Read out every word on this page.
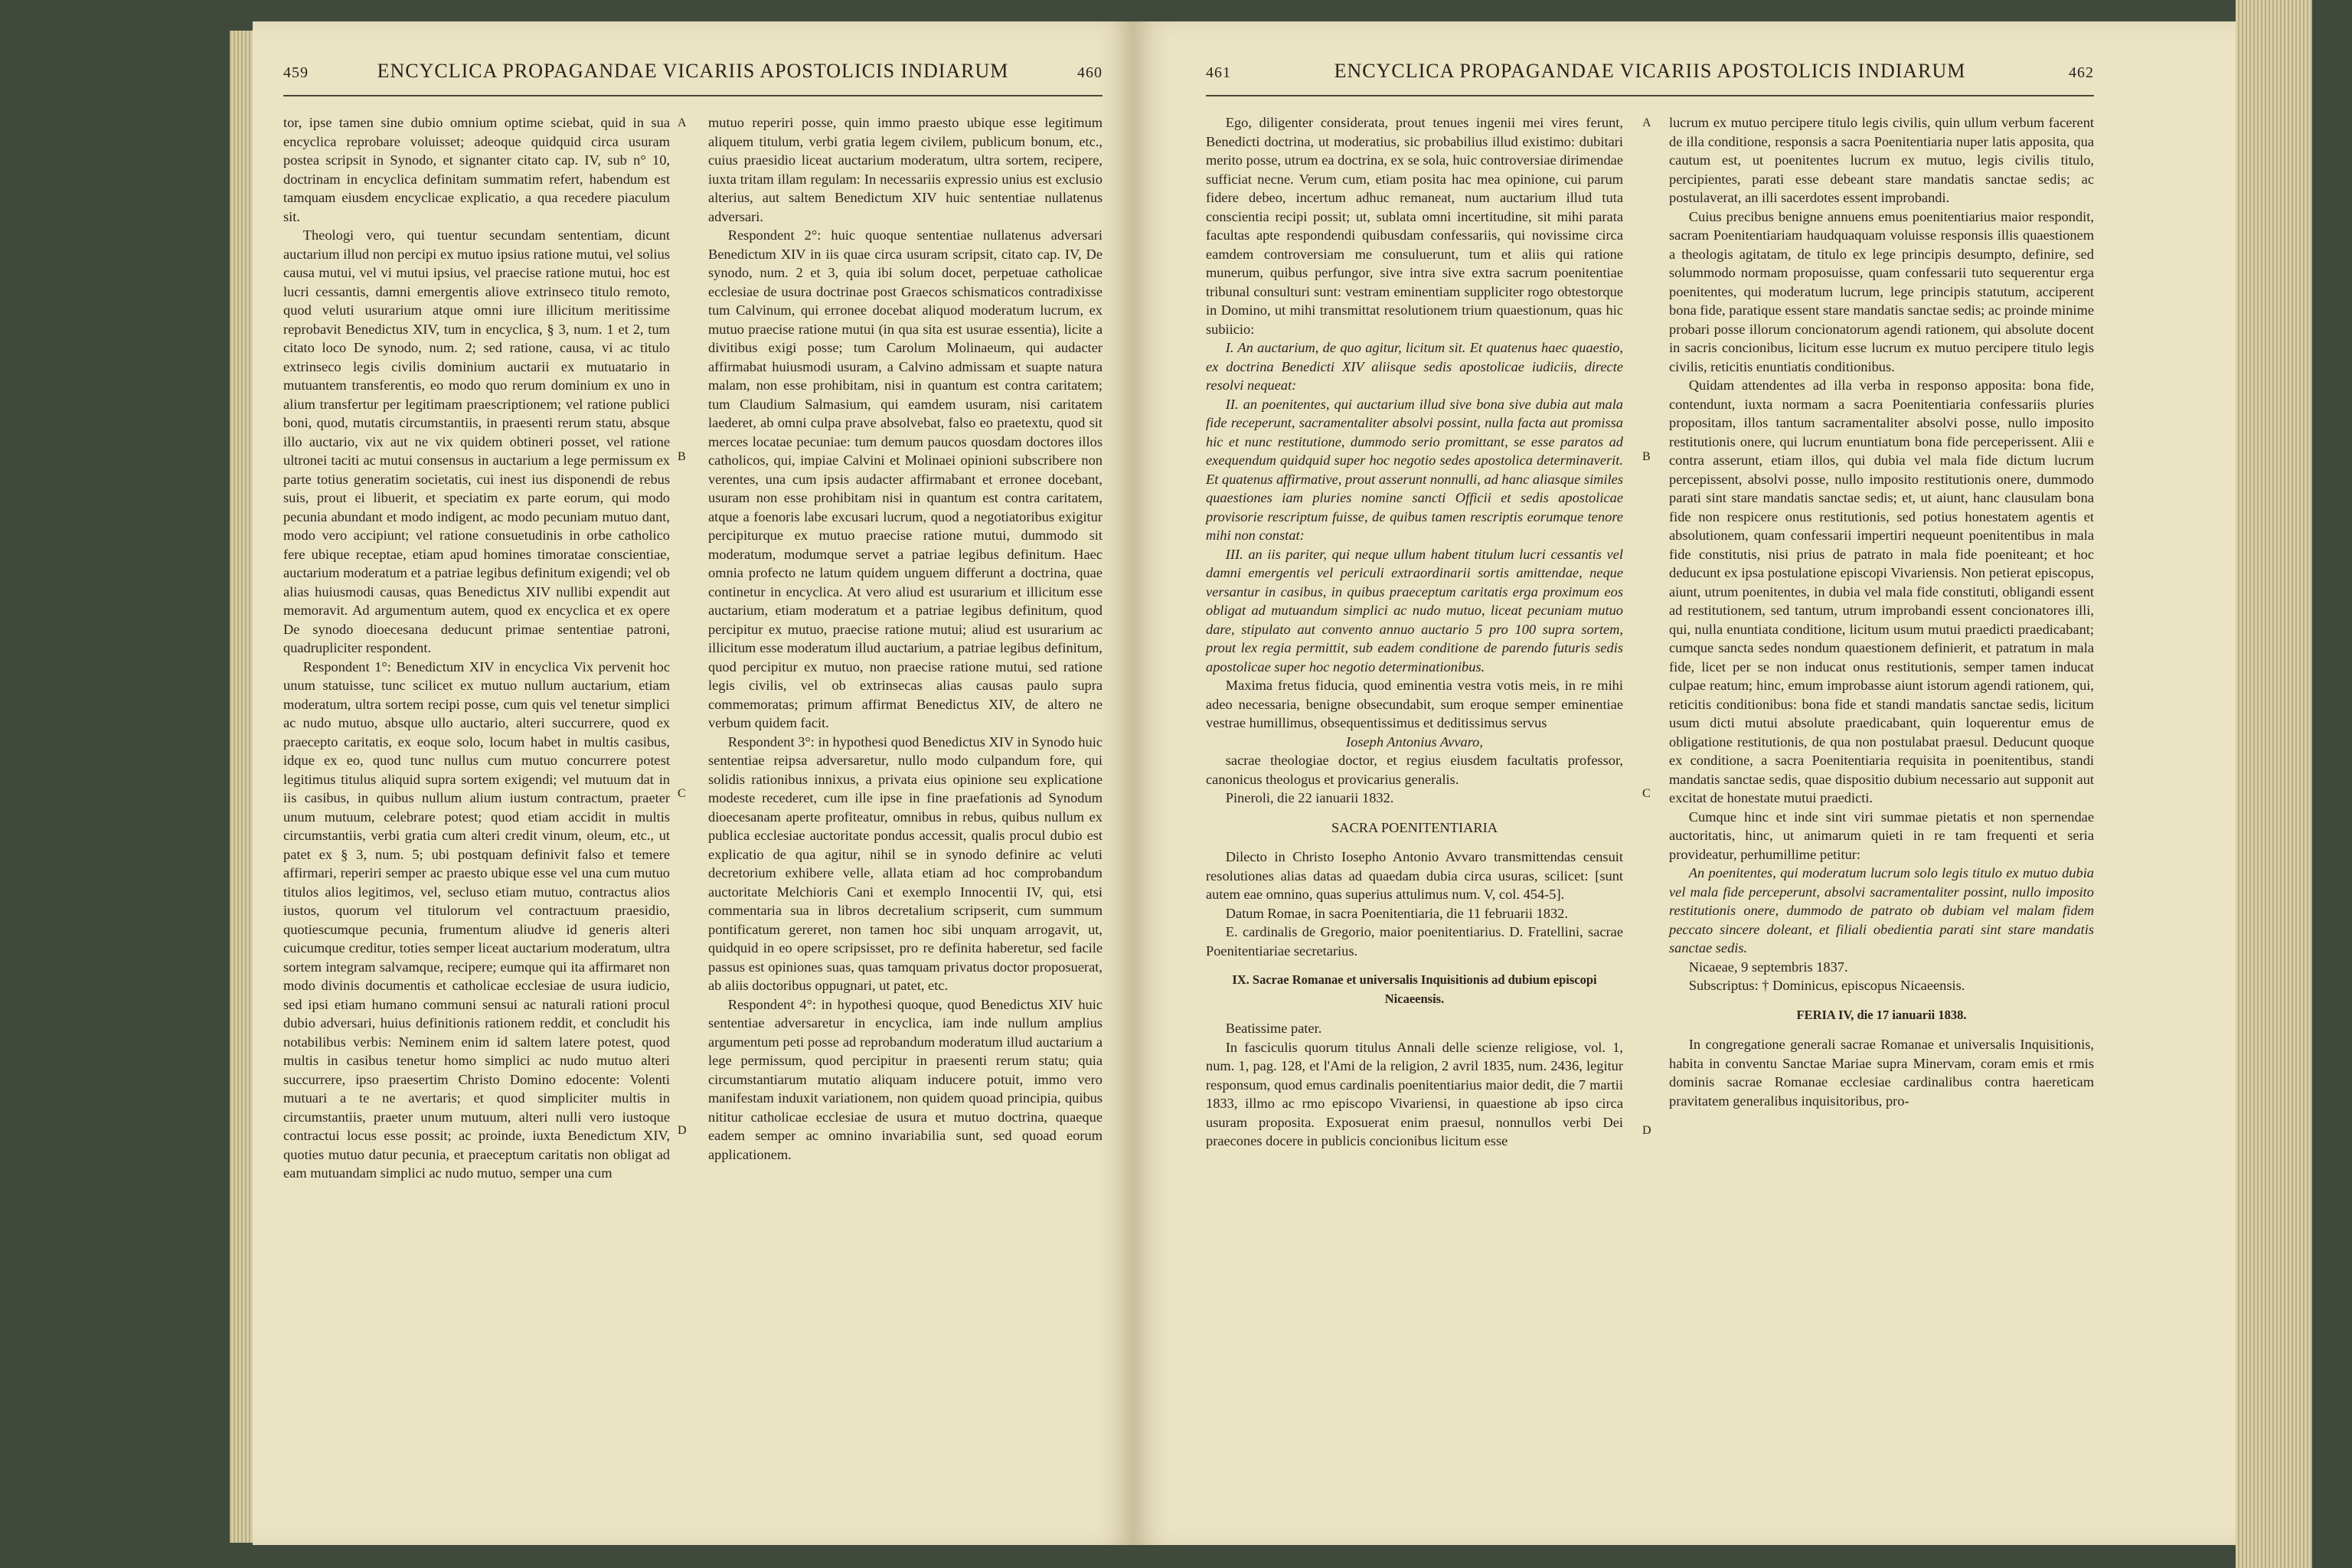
459	ENCYCLICA PROPAGANDAE VICARIIS APOSTOLICIS INDIARUM	460

tor, ipse tamen sine dubio omnium optime sciebat, quid in sua encyclica reprobare voluisset; adeoque quidquid circa usuram postea scripsit in Synodo, et signanter citato cap. IV, sub n° 10, doctrinam in encyclica definitam summatim refert, habendum est tamquam eiusdem encyclicae explicatio, a qua recedere piaculum sit.

Theologi vero, qui tuentur secundam sententiam, dicunt auctarium illud non percipi ex mutuo ipsius ratione mutui, vel solius causa mutui, vel vi mutui ipsius, vel praecise ratione mutui, hoc est lucri cessantis, damni emergentis aliove extrinseco titulo remoto, quod veluti usurarium atque omni iure illicitum meritissime reprobavit Benedictus XIV, tum in encyclica, § 3, num. 1 et 2, tum citato loco De synodo, num. 2; sed ratione, causa, vi ac titulo extrinseco legis civilis dominium auctarii ex mutuatario in mutuantem transferentis, eo modo quo rerum dominium ex uno in alium transfertur per legitimam praescriptionem; vel ratione publici boni, quod, mutatis circumstantiis, in praesenti rerum statu, absque illo auctario, vix aut ne vix quidem obtineri posset, vel ratione ultronei taciti ac mutui consensus in auctarium a lege permissum ex parte totius generatim societatis, cui inest ius disponendi de rebus suis, prout ei libuerit, et speciatim ex parte eorum, qui modo pecunia abundant et modo indigent, ac modo pecuniam mutuo dant, modo vero accipiunt; vel ratione consuetudinis in orbe catholico fere ubique receptae, etiam apud homines timoratae conscientiae, auctarium moderatum et a patriae legibus definitum exigendi; vel ob alias huiusmodi causas, quas Benedictus XIV nullibi expendit aut memoravit. Ad argumentum autem, quod ex encyclica et ex opere De synodo dioecesana deducunt primae sententiae patroni, quadrupliciter respondent.

Respondent 1°: Benedictum XIV in encyclica Vix pervenit hoc unum statuisse, tunc scilicet ex mutuo nullum auctarium, etiam moderatum, ultra sortem recipi posse, cum quis vel tenetur simplici ac nudo mutuo, absque ullo auctario, alteri succurrere, quod ex praecepto caritatis, ex eoque solo, locum habet in multis casibus, idque ex eo, quod tunc nullus cum mutuo concurrere potest legitimus titulus aliquid supra sortem exigendi; vel mutuum dat in iis casibus, in quibus nullum alium iustum contractum, praeter unum mutuum, celebrare potest; quod etiam accidit in multis circumstantiis, verbi gratia cum alteri credit vinum, oleum, etc., ut patet ex § 3, num. 5; ubi postquam definivit falso et temere affirmari, reperiri semper ac praesto ubique esse vel una cum mutuo titulos alios legitimos, vel, secluso etiam mutuo, contractus alios iustos, quorum vel titulorum vel contractuum praesidio, quotiescumque pecunia, frumentum aliudve id generis alteri cuicumque creditur, toties semper liceat auctarium moderatum, ultra sortem integram salvamque, recipere; eumque qui ita affirmaret non modo divinis documentis et catholicae ecclesiae de usura iudicio, sed ipsi etiam humano communi sensui ac naturali rationi procul dubio adversari, huius definitionis rationem reddit, et concludit his notabilibus verbis: Neminem enim id saltem latere potest, quod multis in casibus tenetur homo simplici ac nudo mutuo alteri succurrere, ipso praesertim Christo Domino edocente: Volenti mutuari a te ne avertaris; et quod simpliciter multis in circumstantiis, praeter unum mutuum, alteri nulli vero iustoque contractui locus esse possit; ac proinde, iuxta Benedictum XIV, quoties mutuo datur pecunia, et praeceptum caritatis non obligat ad eam mutuandam simplici ac nudo mutuo, semper una cum

A
B
C
D

mutuo reperiri posse, quin immo praesto ubique esse legitimum aliquem titulum, verbi gratia legem civilem, publicum bonum, etc., cuius praesidio liceat auctarium moderatum, ultra sortem, recipere, iuxta tritam illam regulam: In necessariis expressio unius est exclusio alterius, aut saltem Benedictum XIV huic sententiae nullatenus adversari.

Respondent 2°: huic quoque sententiae nullatenus adversari Benedictum XIV in iis quae circa usuram scripsit, citato cap. IV, De synodo, num. 2 et 3, quia ibi solum docet, perpetuae catholicae ecclesiae de usura doctrinae post Graecos schismaticos contradixisse tum Calvinum, qui erronee docebat aliquod moderatum lucrum, ex mutuo praecise ratione mutui (in qua sita est usurae essentia), licite a divitibus exigi posse; tum Carolum Molinaeum, qui audacter affirmabat huiusmodi usuram, a Calvino admissam et suapte natura malam, non esse prohibitam, nisi in quantum est contra caritatem; tum Claudium Salmasium, qui eamdem usuram, nisi caritatem laederet, ab omni culpa prave absolvebat, falso eo praetextu, quod sit merces locatae pecuniae: tum demum paucos quosdam doctores illos catholicos, qui, impiae Calvini et Molinaei opinioni subscribere non verentes, una cum ipsis audacter affirmabant et erronee docebant, usuram non esse prohibitam nisi in quantum est contra caritatem, atque a foenoris labe excusari lucrum, quod a negotiatoribus exigitur percipiturque ex mutuo praecise ratione mutui, dummodo sit moderatum, modumque servet a patriae legibus definitum. Haec omnia profecto ne latum quidem unguem differunt a doctrina, quae continetur in encyclica. At vero aliud est usurarium et illicitum esse auctarium, etiam moderatum et a patriae legibus definitum, quod percipitur ex mutuo, praecise ratione mutui; aliud est usurarium ac illicitum esse moderatum illud auctarium, a patriae legibus definitum, quod percipitur ex mutuo, non praecise ratione mutui, sed ratione legis civilis, vel ob extrinsecas alias causas paulo supra commemoratas; primum affirmat Benedictus XIV, de altero ne verbum quidem facit.

Respondent 3°: in hypothesi quod Benedictus XIV in Synodo huic sententiae reipsa adversaretur, nullo modo culpandum fore, qui solidis rationibus innixus, a privata eius opinione seu explicatione modeste recederet, cum ille ipse in fine praefationis ad Synodum dioecesanam aperte profiteatur, omnibus in rebus, quibus nullum ex publica ecclesiae auctoritate pondus accessit, qualis procul dubio est explicatio de qua agitur, nihil se in synodo definire ac veluti decretorium exhibere velle, allata etiam ad hoc comprobandum auctoritate Melchioris Cani et exemplo Innocentii IV, qui, etsi commentaria sua in libros decretalium scripserit, cum summum pontificatum gereret, non tamen hoc sibi unquam arrogavit, ut, quidquid in eo opere scripsisset, pro re definita haberetur, sed facile passus est opiniones suas, quas tamquam privatus doctor proposuerat, ab aliis doctoribus oppugnari, ut patet, etc.

Respondent 4°: in hypothesi quoque, quod Benedictus XIV huic sententiae adversaretur in encyclica, iam inde nullum amplius argumentum peti posse ad reprobandum moderatum illud auctarium a lege permissum, quod percipitur in praesenti rerum statu; quia circumstantiarum mutatio aliquam inducere potuit, immo vero manifestam induxit variationem, non quidem quoad principia, quibus nititur catholicae ecclesiae de usura et mutuo doctrina, quaeque eadem semper ac omnino invariabilia sunt, sed quoad eorum applicationem.

461	ENCYCLICA PROPAGANDAE VICARIIS APOSTOLICIS INDIARUM	462

Ego, diligenter considerata, prout tenues ingenii mei vires ferunt, Benedicti doctrina, ut moderatius, sic probabilius illud existimo: dubitari merito posse, utrum ea doctrina, ex se sola, huic controversiae dirimendae sufficiat necne. Verum cum, etiam posita hac mea opinione, cui parum fidere debeo, incertum adhuc remaneat, num auctarium illud tuta conscientia recipi possit; ut, sublata omni incertitudine, sit mihi parata facultas apte respondendi quibusdam confessariis, qui novissime circa eamdem controversiam me consuluerunt, tum et aliis qui ratione munerum, quibus perfungor, sive intra sive extra sacrum poenitentiae tribunal consulturi sunt: vestram eminentiam suppliciter rogo obtestorque in Domino, ut mihi transmittat resolutionem trium quaestionum, quas hic subiicio:

I. An auctarium, de quo agitur, licitum sit. Et quatenus haec quaestio, ex doctrina Benedicti XIV aliisque sedis apostolicae iudiciis, directe resolvi nequeat:

II. an poenitentes, qui auctarium illud sive bona sive dubia aut mala fide receperunt, sacramentaliter absolvi possint, nulla facta aut promissa hic et nunc restitutione, dummodo serio promittant, se esse paratos ad exequendum quidquid super hoc negotio sedes apostolica determinaverit. Et quatenus affirmative, prout asserunt nonnulli, ad hanc aliasque similes quaestiones iam pluries nomine sancti Officii et sedis apostolicae provisorie rescriptum fuisse, de quibus tamen rescriptis eorumque tenore mihi non constat:

III. an iis pariter, qui neque ullum habent titulum lucri cessantis vel damni emergentis vel periculi extraordinarii sortis amittendae, neque versantur in casibus, in quibus praeceptum caritatis erga proximum eos obligat ad mutuandum simplici ac nudo mutuo, liceat pecuniam mutuo dare, stipulato aut convento annuo auctario 5 pro 100 supra sortem, prout lex regia permittit, sub eadem conditione de parendo futuris sedis apostolicae super hoc negotio determinationibus.

Maxima fretus fiducia, quod eminentia vestra votis meis, in re mihi adeo necessaria, benigne obsecundabit, sum eroque semper eminentiae vestrae humillimus, obsequentissimus et deditissimus servus

Ioseph Antonius Avvaro,

sacrae theologiae doctor, et regius eiusdem facultatis professor, canonicus theologus et provicarius generalis.

Pineroli, die 22 ianuarii 1832.

SACRA POENITENTIARIA

Dilecto in Christo Iosepho Antonio Avvaro transmittendas censuit resolutiones alias datas ad quaedam dubia circa usuras, scilicet: [sunt autem eae omnino, quas superius attulimus num. V, col. 454-5].

Datum Romae, in sacra Poenitentiaria, die 11 februarii 1832.

E. cardinalis de Gregorio, maior poenitentiarius. D. Fratellini, sacrae Poenitentiariae secretarius.

IX. Sacrae Romanae et universalis Inquisitionis ad dubium episcopi Nicaeensis.

Beatissime pater.

In fasciculis quorum titulus Annali delle scienze religiose, vol. 1, num. 1, pag. 128, et l'Ami de la religion, 2 avril 1835, num. 2436, legitur responsum, quod emus cardinalis poenitentiarius maior dedit, die 7 martii 1833, illmo ac rmo episcopo Vivariensi, in quaestione ab ipso circa usuram proposita. Exposuerat enim praesul, nonnullos verbi Dei praecones docere in publicis concionibus licitum esse

A
B
C
D

lucrum ex mutuo percipere titulo legis civilis, quin ullum verbum facerent de illa conditione, responsis a sacra Poenitentiaria nuper latis apposita, qua cautum est, ut poenitentes lucrum ex mutuo, legis civilis titulo, percipientes, parati esse debeant stare mandatis sanctae sedis; ac postulaverat, an illi sacerdotes essent improbandi.

Cuius precibus benigne annuens emus poenitentiarius maior respondit, sacram Poenitentiariam haudquaquam voluisse responsis illis quaestionem a theologis agitatam, de titulo ex lege principis desumpto, definire, sed solummodo normam proposuisse, quam confessarii tuto sequerentur erga poenitentes, qui moderatum lucrum, lege principis statutum, acciperent bona fide, paratique essent stare mandatis sanctae sedis; ac proinde minime probari posse illorum concionatorum agendi rationem, qui absolute docent in sacris concionibus, licitum esse lucrum ex mutuo percipere titulo legis civilis, reticitis enuntiatis conditionibus.

Quidam attendentes ad illa verba in responso apposita: bona fide, contendunt, iuxta normam a sacra Poenitentiaria confessariis pluries propositam, illos tantum sacramentaliter absolvi posse, nullo imposito restitutionis onere, qui lucrum enuntiatum bona fide perceperissent. Alii e contra asserunt, etiam illos, qui dubia vel mala fide dictum lucrum percepissent, absolvi posse, nullo imposito restitutionis onere, dummodo parati sint stare mandatis sanctae sedis; et, ut aiunt, hanc clausulam bona fide non respicere onus restitutionis, sed potius honestatem agentis et absolutionem, quam confessarii impertiri nequeunt poenitentibus in mala fide constitutis, nisi prius de patrato in mala fide poeniteant; et hoc deducunt ex ipsa postulatione episcopi Vivariensis. Non petierat episcopus, aiunt, utrum poenitentes, in dubia vel mala fide constituti, obligandi essent ad restitutionem, sed tantum, utrum improbandi essent concionatores illi, qui, nulla enuntiata conditione, licitum usum mutui praedicti praedicabant; cumque sancta sedes nondum quaestionem definierit, et patratum in mala fide, licet per se non inducat onus restitutionis, semper tamen inducat culpae reatum; hinc, emum improbasse aiunt istorum agendi rationem, qui, reticitis conditionibus: bona fide et standi mandatis sanctae sedis, licitum usum dicti mutui absolute praedicabant, quin loquerentur emus de obligatione restitutionis, de qua non postulabat praesul. Deducunt quoque ex conditione, a sacra Poenitentiaria requisita in poenitentibus, standi mandatis sanctae sedis, quae dispositio dubium necessario aut supponit aut excitat de honestate mutui praedicti.

Cumque hinc et inde sint viri summae pietatis et non spernendae auctoritatis, hinc, ut animarum quieti in re tam frequenti et seria provideatur, perhumillime petitur:

An poenitentes, qui moderatum lucrum solo legis titulo ex mutuo dubia vel mala fide perceperunt, absolvi sacramentaliter possint, nullo imposito restitutionis onere, dummodo de patrato ob dubiam vel malam fidem peccato sincere doleant, et filiali obedientia parati sint stare mandatis sanctae sedis.

Nicaeae, 9 septembris 1837.

Subscriptus: † Dominicus, episcopus Nicaeensis.

FERIA IV, die 17 ianuarii 1838.

In congregatione generali sacrae Romanae et universalis Inquisitionis, habita in conventu Sanctae Mariae supra Minervam, coram emis et rmis dominis sacrae Romanae ecclesiae cardinalibus contra haereticam pravitatem generalibus inquisitoribus, pro-
